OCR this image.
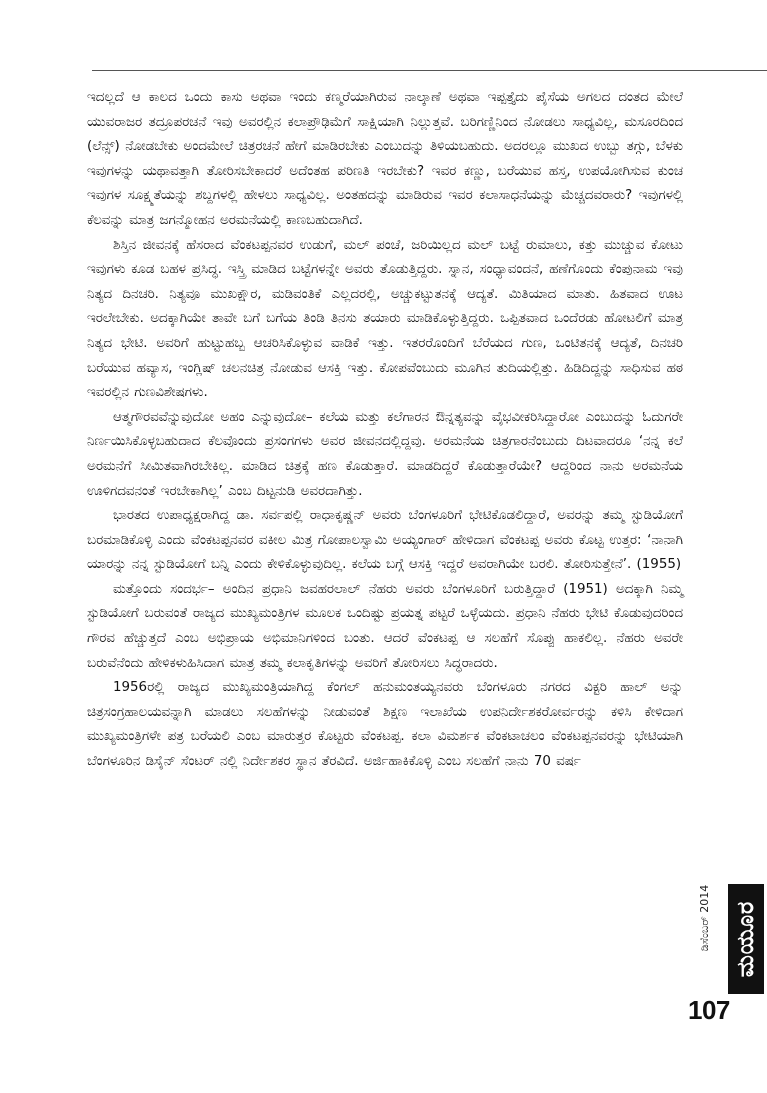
ಇದಲ್ಲದೆ ಆ ಕಾಲದ ಒಂದು ಕಾಸು ಅಥವಾ ಇಂದು ಕಣ್ಮರೆಯಾಗಿರುವ ನಾಲ್ಕಾಣೆ ಅಥವಾ ಇಪ್ಪತ್ತೈದು ಪೈಸೆಯ ಅಗಲದ ದಂತದ ಮೇಲೆ ಯುವರಾಜರ ತದ್ರೂಪರಚನೆ ಇವು ಅವರಲ್ಲಿನ ಕಲಾಪ್ರೌಢಿಮೆಗೆ ಸಾಕ್ಷಿಯಾಗಿ ನಿಲ್ಲುತ್ತವೆ. ಬರಿಗಣ್ಣಿನಿಂದ ನೋಡಲು ಸಾಧ್ಯವಿಲ್ಲ, ಮಸೂರದಿಂದ (ಲೆನ್ಸ್) ನೋಡಬೇಕು ಅಂದಮೇಲೆ ಚಿತ್ರರಚನೆ ಹೇಗೆ ಮಾಡಿರಬೇಕು ಎಂಬುದನ್ನು ತಿಳಿಯಬಹುದು. ಅದರಲ್ಲೂ ಮುಖದ ಉಬ್ಬು ತಗ್ಗು, ಬೆಳಕು ಇವುಗಳನ್ನು ಯಥಾವತ್ತಾಗಿ ತೋರಿಸಬೇಕಾದರೆ ಅದೆಂತಹ ಪರಿಣತಿ ಇರಬೇಕು? ಇವರ ಕಣ್ಣು, ಬರೆಯುವ ಹಸ್ತ, ಉಪಯೋಗಿಸುವ ಕುಂಚ ಇವುಗಳ ಸೂಕ್ಷ್ಮತೆಯನ್ನು ಶಬ್ದಗಳಲ್ಲಿ ಹೇಳಲು ಸಾಧ್ಯವಿಲ್ಲ. ಅಂತಹದನ್ನು ಮಾಡಿರುವ ಇವರ ಕಲಾಸಾಧನೆಯನ್ನು ಮೆಚ್ಚದವರಾರು? ಇವುಗಳಲ್ಲಿ ಕೆಲವನ್ನು ಮಾತ್ರ ಜಗನ್ಮೋಹನ ಅರಮನೆಯಲ್ಲಿ ಕಾಣಬಹುದಾಗಿದೆ.

ಶಿಸ್ತಿನ ಜೀವನಕ್ಕೆ ಹೆಸರಾದ ವೆಂಕಟಪ್ಪನವರ ಉಡುಗೆ, ಮಲ್ ಪಂಚೆ, ಜರಿಯಿಲ್ಲದ ಮಲ್ ಬಟ್ಟೆ ರುಮಾಲು, ಕತ್ತು ಮುಚ್ಚುವ ಕೋಟು ಇವುಗಳು ಕೂಡ ಬಹಳ ಪ್ರಸಿದ್ಧ. ಇಸ್ತ್ರಿ ಮಾಡಿದ ಬಟ್ಟೆಗಳನ್ನೇ ಅವರು ತೊಡುತ್ತಿದ್ದರು. ಸ್ನಾನ, ಸಂಧ್ಯಾವಂದನೆ, ಹಣೆಗೊಂದು ಕೆಂಪುನಾಮ ಇವು ನಿತ್ಯದ ದಿನಚರಿ. ನಿತ್ಯವೂ ಮುಖಕ್ಷೌರ, ಮಡಿವಂತಿಕೆ ಎಲ್ಲದರಲ್ಲಿ, ಅಚ್ಚುಕಟ್ಟುತನಕ್ಕೆ ಆದ್ಯತೆ. ಮಿತಿಯಾದ ಮಾತು. ಹಿತವಾದ ಊಟ ಇರಲೇಬೇಕು. ಅದಕ್ಕಾಗಿಯೇ ತಾವೇ ಬಗೆ ಬಗೆಯ ತಿಂಡಿ ತಿನಸು ತಯಾರು ಮಾಡಿಕೊಳ್ಳುತ್ತಿದ್ದರು. ಒಪ್ಪಿತವಾದ ಒಂದೆರಡು ಹೋಟಲಿಗೆ ಮಾತ್ರ ನಿತ್ಯದ ಭೇಟಿ. ಅವರಿಗೆ ಹುಟ್ಟುಹಬ್ಬ ಆಚರಿಸಿಕೊಳ್ಳುವ ವಾಡಿಕೆ ಇತ್ತು. ಇತರರೊಂದಿಗೆ ಬೆರೆಯದ ಗುಣ, ಒಂಟಿತನಕ್ಕೆ ಆದ್ಯತೆ, ದಿನಚರಿ ಬರೆಯುವ ಹವ್ಯಾಸ, ಇಂಗ್ಲಿಷ್ ಚಲನಚಿತ್ರ ನೋಡುವ ಆಸಕ್ತಿ ಇತ್ತು. ಕೋಪವೆಂಬುದು ಮೂಗಿನ ತುದಿಯಲ್ಲಿತ್ತು. ಹಿಡಿದಿದ್ದನ್ನು ಸಾಧಿಸುವ ಹಠ ಇವರಲ್ಲಿನ ಗುಣವಿಶೇಷಗಳು.

ಆತ್ಮಗೌರವವೆನ್ನುವುದೋ ಅಹಂ ಎನ್ನುವುದೋ– ಕಲೆಯ ಮತ್ತು ಕಲೆಗಾರನ ಔನ್ನತ್ಯವನ್ನು ವೈಭವೀಕರಿಸಿದ್ದಾರೋ ಎಂಬುದನ್ನು ಓದುಗರೇ ನಿರ್ಣಯಿಸಿಕೊಳ್ಳಬಹುದಾದ ಕೆಲವೊಂದು ಪ್ರಸಂಗಗಳು ಅವರ ಜೀವನದಲ್ಲಿದ್ದವು. ಅರಮನೆಯ ಚಿತ್ರಗಾರನೆಂಬುದು ದಿಟವಾದರೂ ‘ನನ್ನ ಕಲೆ ಅರಮನೆಗೆ ಸೀಮಿತವಾಗಿರಬೇಕಿಲ್ಲ. ಮಾಡಿದ ಚಿತ್ರಕ್ಕೆ ಹಣ ಕೊಡುತ್ತಾರೆ. ಮಾಡದಿದ್ದರೆ ಕೊಡುತ್ತಾರೆಯೇ? ಆದ್ದರಿಂದ ನಾನು ಅರಮನೆಯ ಊಳಿಗದವನಂತೆ ಇರಬೇಕಾಗಿಲ್ಲ’ ಎಂಬ ದಿಟ್ಟನುಡಿ ಅವರದಾಗಿತ್ತು.

ಭಾರತದ ಉಪಾಧ್ಯಕ್ಷರಾಗಿದ್ದ ಡಾ. ಸರ್ವಪಲ್ಲಿ ರಾಧಾಕೃಷ್ಣನ್ ಅವರು ಬೆಂಗಳೂರಿಗೆ ಭೇಟಿಕೊಡಲಿದ್ದಾರೆ, ಅವರನ್ನು ತಮ್ಮ ಸ್ಟುಡಿಯೋಗೆ ಬರಮಾಡಿಕೊಳ್ಳಿ ಎಂದು ವೆಂಕಟಪ್ಪನವರ ವಕೀಲ ಮಿತ್ರ ಗೋಪಾಲಸ್ವಾಮಿ ಅಯ್ಯಂಗಾರ್ ಹೇಳಿದಾಗ ವೆಂಕಟಪ್ಪ ಅವರು ಕೊಟ್ಟ ಉತ್ತರ: ‘ನಾನಾಗಿ ಯಾರನ್ನು ನನ್ನ ಸ್ಟುಡಿಯೋಗೆ ಬನ್ನಿ ಎಂದು ಕೇಳಿಕೊಳ್ಳುವುದಿಲ್ಲ. ಕಲೆಯ ಬಗ್ಗೆ ಆಸಕ್ತಿ ಇದ್ದರೆ ಅವರಾಗಿಯೇ ಬರಲಿ. ತೋರಿಸುತ್ತೇನೆ’. (1955)

ಮತ್ತೊಂದು ಸಂದರ್ಭ– ಅಂದಿನ ಪ್ರಧಾನಿ ಜವಹರಲಾಲ್ ನೆಹರು ಅವರು ಬೆಂಗಳೂರಿಗೆ ಬರುತ್ತಿದ್ದಾರೆ (1951) ಅದಕ್ಕಾಗಿ ನಿಮ್ಮ ಸ್ಟುಡಿಯೋಗೆ ಬರುವಂತೆ ರಾಜ್ಯದ ಮುಖ್ಯಮಂತ್ರಿಗಳ ಮೂಲಕ ಒಂದಿಷ್ಟು ಪ್ರಯತ್ನ ಪಟ್ಟರೆ ಒಳ್ಳೆಯದು. ಪ್ರಧಾನಿ ನೆಹರು ಭೇಟಿ ಕೊಡುವುದರಿಂದ ಗೌರವ ಹೆಚ್ಚುತ್ತದೆ ಎಂಬ ಅಭಿಪ್ರಾಯ ಅಭಿಮಾನಿಗಳಿಂದ ಬಂತು. ಆದರೆ ವೆಂಕಟಪ್ಪ ಆ ಸಲಹೆಗೆ ಸೊಪ್ಪು ಹಾಕಲಿಲ್ಲ. ನೆಹರು ಅವರೇ ಬರುವೆನೆಂದು ಹೇಳಿಕಳುಹಿಸಿದಾಗ ಮಾತ್ರ ತಮ್ಮ ಕಲಾಕೃತಿಗಳನ್ನು ಅವರಿಗೆ ತೋರಿಸಲು ಸಿದ್ಧರಾದರು.

1956ರಲ್ಲಿ ರಾಜ್ಯದ ಮುಖ್ಯಮಂತ್ರಿಯಾಗಿದ್ದ ಕೆಂಗಲ್ ಹನುಮಂತಯ್ಯನವರು ಬೆಂಗಳೂರು ನಗರದ ವಿಕ್ಟರಿ ಹಾಲ್ ಅನ್ನು ಚಿತ್ರಸಂಗ್ರಹಾಲಯವನ್ನಾಗಿ ಮಾಡಲು ಸಲಹೆಗಳನ್ನು ನೀಡುವಂತೆ ಶಿಕ್ಷಣ ಇಲಾಖೆಯ ಉಪನಿರ್ದೇಶಕರೋರ್ವರನ್ನು ಕಳಿಸಿ ಕೇಳಿದಾಗ ಮುಖ್ಯಮಂತ್ರಿಗಳೇ ಪತ್ರ ಬರೆಯಲಿ ಎಂಬ ಮಾರುತ್ತರ ಕೊಟ್ಟರು ವೆಂಕಟಪ್ಪ. ಕಲಾ ವಿಮರ್ಶಕ ವೆಂಕಟಾಚಲಂ ವೆಂಕಟಪ್ಪನವರನ್ನು ಭೇಟಿಯಾಗಿ ಬೆಂಗಳೂರಿನ ಡಿಸೈನ್ ಸೆಂಟರ್ ನಲ್ಲಿ ನಿರ್ದೇಶಕರ ಸ್ಥಾನ ತೆರವಿದೆ. ಅರ್ಜಿಹಾಕಿಕೊಳ್ಳಿ ಎಂಬ ಸಲಹೆಗೆ ನಾನು 70 ವರ್ಷ

ಡಿಸೆಂಬರ್ 2014 ಮಯೂರ
107
